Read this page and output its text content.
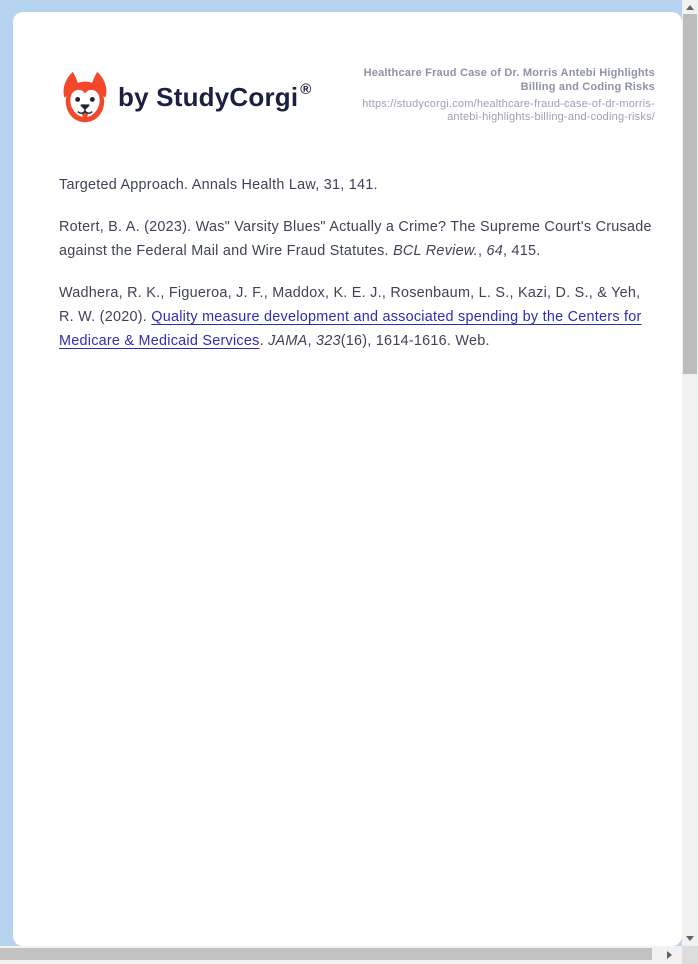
by StudyCorgi ®
Healthcare Fraud Case of Dr. Morris Antebi Highlights
Billing and Coding Risks
https://studycorgi.com/healthcare-fraud-case-of-dr-morris-
antebi-highlights-billing-and-coding-risks/

Targeted Approach. Annals Health Law, 31, 141.

Rotert, B. A. (2023). Was" Varsity Blues" Actually a Crime? The Supreme Court's Crusade against the Federal Mail and Wire Fraud Statutes. BCL Review., 64, 415.

Wadhera, R. K., Figueroa, J. F., Maddox, K. E. J., Rosenbaum, L. S., Kazi, D. S., & Yeh, R. W. (2020). Quality measure development and associated spending by the Centers for Medicare & Medicaid Services. JAMA, 323(16), 1614-1616. Web.
